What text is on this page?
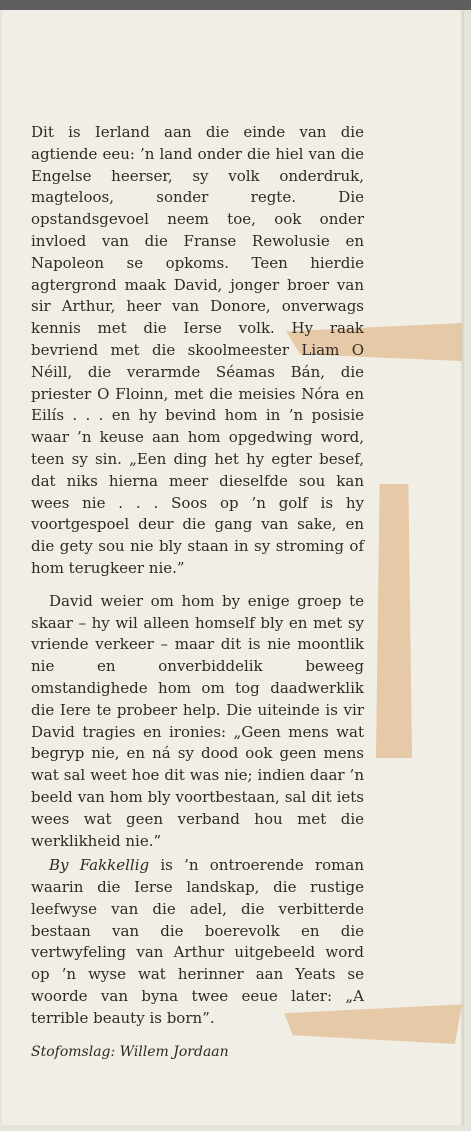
Dit is Ierland aan die einde van die agtiende eeu: ’n land onder die hiel van die Engelse heerser, sy volk onderdruk, magteloos, sonder regte. Die opstandsgevoel neem toe, ook onder invloed van die Franse Rewolusie en Napoleon se opkoms. Teen hierdie agtergrond maak David, jonger broer van sir Arthur, heer van Donore, onverwags kennis met die Ierse volk. Hy raak bevriend met die skoolmeester Liam O Néill, die verarmde Séamas Bán, die priester O Floinn, met die meisies Nóra en Eilís . . . en hy bevind hom in ’n posisie waar ’n keuse aan hom opgedwing word, teen sy sin. „Een ding het hy egter besef, dat niks hierna meer dieselfde sou kan wees nie . . . Soos op ’n golf is hy voortgespoel deur die gang van sake, en die gety sou nie bly staan in sy stroming of hom terugkeer nie.”

David weier om hom by enige groep te skaar – hy wil alleen homself bly en met sy vriende verkeer – maar dit is nie moontlik nie en onverbiddelik beweeg omstandighede hom om tog daadwerklik die Iere te probeer help. Die uiteinde is vir David tragies en ironies: „Geen mens wat begryp nie, en ná sy dood ook geen mens wat sal weet hoe dit was nie; indien daar ’n beeld van hom bly voortbestaan, sal dit iets wees wat geen verband hou met die werklikheid nie.”

By Fakkellig is ’n ontroerende roman waarin die Ierse landskap, die rustige leefwyse van die adel, die verbitterde bestaan van die boerevolk en die vertwyfeling van Arthur uitgebeeld word op ’n wyse wat herinner aan Yeats se woorde van byna twee eeue later: „A terrible beauty is born”.

Stofomslag: Willem Jordaan
